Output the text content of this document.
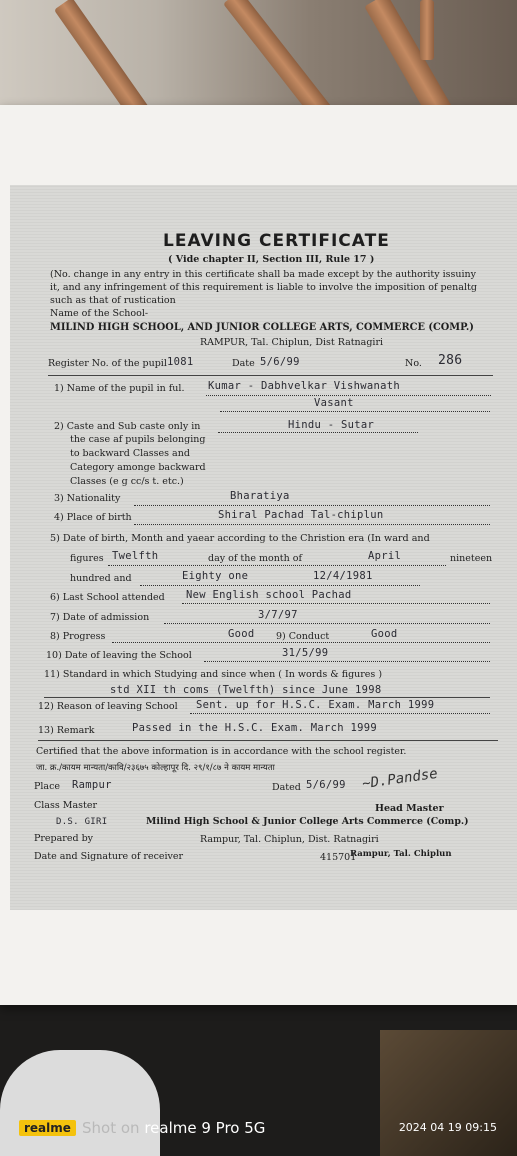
LEAVING CERTIFICATE
( Vide chapter II, Section III, Rule 17 )
(No. change in any entry in this certificate shall ba made except by the authority issuiny
it, and any infringement of this requirement is liable to involve the imposition of penaltg
such as that of rustication
Name of the School-
MILIND HIGH SCHOOL, AND JUNIOR COLLEGE ARTS, COMMERCE (COMP.)
RAMPUR, Tal. Chiplun, Dist Ratnagiri
Register No. of the pupil 1081	Date 5/6/99	No. 286
1) Name of the pupil in ful. Kumar - Dabhvelkar Vishwanath
Vasant
2) Caste and Sub caste only in
the case af pupils belonging
to backward Classes and
Category amonge backward
Classes (e g cc/s t. etc.)
Hindu - Sutar
3) Nationality	Bharatiya
4) Place of birth	Shiral Pachad Tal-chiplun
5) Date of birth, Month and yaear according to the Christion era (In ward and
figures Twelfth	day of the month of	April	nineteen
hundred and	Eighty one	12/4/1981
6) Last School attended New English school Pachad
7) Date of admission	3/7/97
8) Progress	Good 9) Conduct	Good
10) Date of leaving the School	31/5/99
11) Standard in which Studying and since when ( In words & figures )
std XII th coms (Twelfth) since June 1998
12) Reason of leaving School Sent. up for H.S.C. Exam. March 1999
13) Remark	Passed in the H.S.C. Exam. March 1999
Certified that the above information is in accordance with the school register.
जा. क्र./कायम मान्यता/कावि/२३६७५ कोल्हापूर दि. २९/१/८७ ने कायम मान्यता
Place Rampur	Dated 5/6/99 ~D.Pandse
Class Master	Head Master
D.S. GIRI	Milind High School & Junior College Arts Commerce (Comp.)
Prepared by	Rampur, Tal. Chiplun, Dist. Ratnagiri
Date and Signature of receiver	415701
Rampur, Tal. Chiplun
realme Shot on realme 9 Pro 5G	2024 04 19 09:15
